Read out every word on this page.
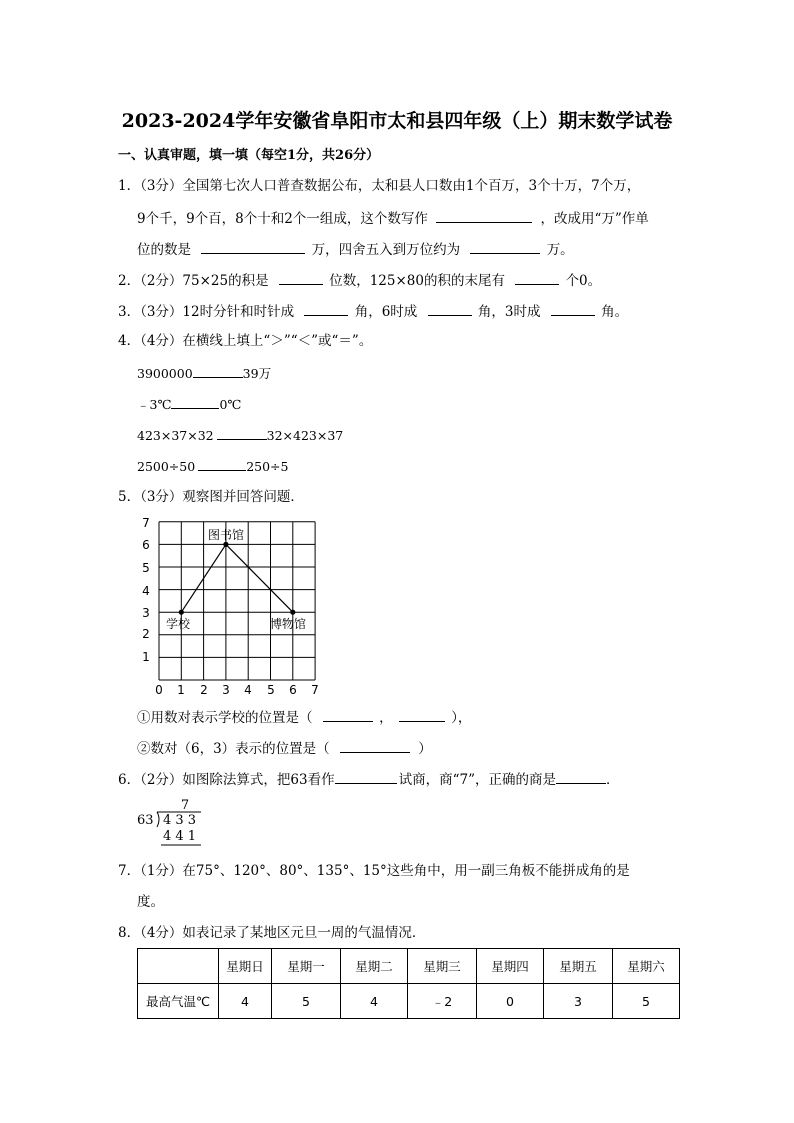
2023-2024学年安徽省阜阳市太和县四年级（上）期末数学试卷
一、认真审题，填一填（每空1分，共26分）
1．（3分）全国第七次人口普查数据公布，太和县人口数由1个百万，3个十万，7个万，
9个千，9个百，8个十和2个一组成，这个数写作	，改成用“万”作单
位的数是	万，四舍五入到万位约为	万。
2．（2分）75×25的积是	位数，125×80的积的末尾有	个0。
3．（3分）12时分针和时针成	角，6时成	角，3时成	角。
4．（4分）在横线上填上“＞”“＜”或“＝”。
3900000	39万
﹣3℃	0℃
423×37×32	32×423×37
2500÷50	250÷5
5．（3分）观察图并回答问题．
0 1 2 3 4 5 6 7
1
2
3
4
5
6
7
学校
图书馆
博物馆
①用数对表示学校的位置是（	，	），
②数对（6，3）表示的位置是（	）
6．（2分）如图除法算式，把63看作	试商，商“7”，正确的商是	．
7
63 4 3 3
4 4 1
7．（1分）在75°、120°、80°、135°、15°这些角中，用一副三角板不能拼成角的是
度。
8．（4分）如表记录了某地区元旦一周的气温情况．
	星期日	星期一	星期二	星期三	星期四	星期五	星期六
最高气温℃	4	5	4	﹣2	0	3	5
